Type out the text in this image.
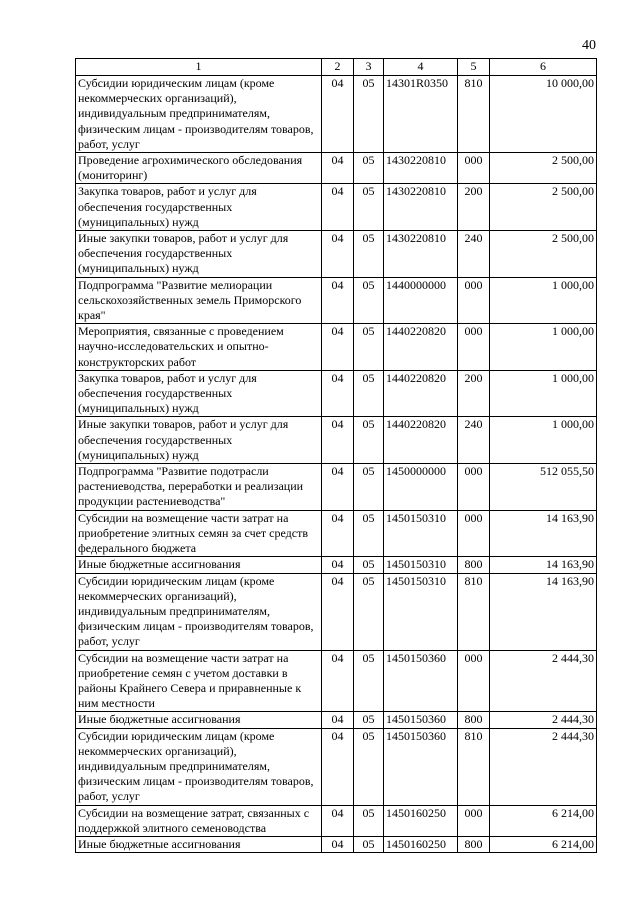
40
1	2	3	4	5	6
Субсидии юридическим лицам (кроме некоммерческих организаций), индивидуальным предпринимателям, физическим лицам - производителям товаров, работ, услуг	04	05	14301R0350	810	10 000,00
Проведение агрохимического обследования (мониторинг)	04	05	1430220810	000	2 500,00
Закупка товаров, работ и услуг для обеспечения государственных (муниципальных) нужд	04	05	1430220810	200	2 500,00
Иные закупки товаров, работ и услуг для обеспечения государственных (муниципальных) нужд	04	05	1430220810	240	2 500,00
Подпрограмма "Развитие мелиорации сельскохозяйственных земель Приморского края"	04	05	1440000000	000	1 000,00
Мероприятия, связанные с проведением научно-исследовательских и опытно-конструкторских работ	04	05	1440220820	000	1 000,00
Закупка товаров, работ и услуг для обеспечения государственных (муниципальных) нужд	04	05	1440220820	200	1 000,00
Иные закупки товаров, работ и услуг для обеспечения государственных (муниципальных) нужд	04	05	1440220820	240	1 000,00
Подпрограмма "Развитие подотрасли растениеводства, переработки и реализации продукции растениеводства"	04	05	1450000000	000	512 055,50
Субсидии на возмещение части затрат на приобретение элитных семян за счет средств федерального бюджета	04	05	1450150310	000	14 163,90
Иные бюджетные ассигнования	04	05	1450150310	800	14 163,90
Субсидии юридическим лицам (кроме некоммерческих организаций), индивидуальным предпринимателям, физическим лицам - производителям товаров, работ, услуг	04	05	1450150310	810	14 163,90
Субсидии на возмещение части затрат на приобретение семян с учетом доставки в районы Крайнего Севера и приравненные к ним местности	04	05	1450150360	000	2 444,30
Иные бюджетные ассигнования	04	05	1450150360	800	2 444,30
Субсидии юридическим лицам (кроме некоммерческих организаций), индивидуальным предпринимателям, физическим лицам - производителям товаров, работ, услуг	04	05	1450150360	810	2 444,30
Субсидии на возмещение затрат, связанных с поддержкой элитного семеноводства	04	05	1450160250	000	6 214,00
Иные бюджетные ассигнования	04	05	1450160250	800	6 214,00
